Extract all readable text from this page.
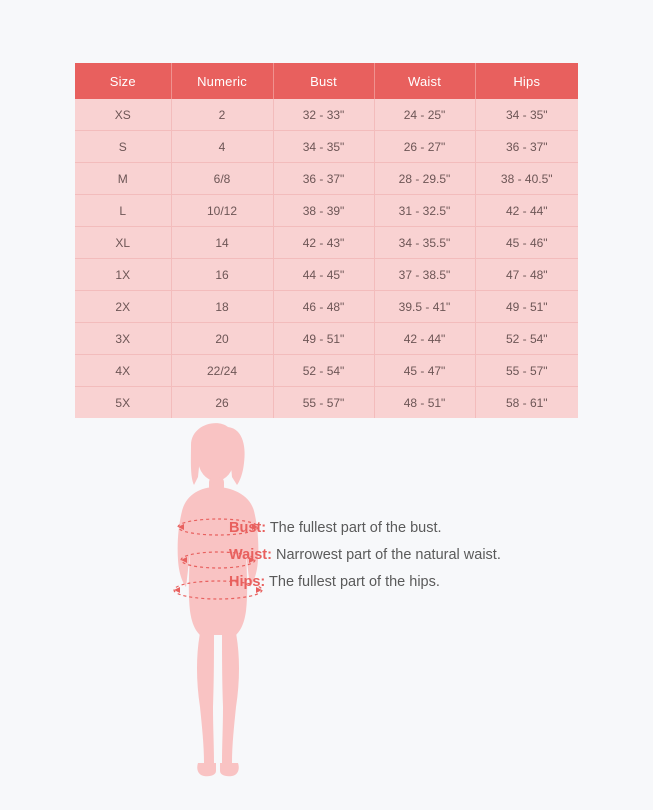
Size	Numeric	Bust	Waist	Hips
XS	2	32 - 33"	24 - 25"	34 - 35"
S	4	34 - 35"	26 - 27"	36 - 37"
M	6/8	36 - 37"	28 - 29.5"	38 - 40.5"
L	10/12	38 - 39"	31 - 32.5"	42 - 44"
XL	14	42 - 43"	34 - 35.5"	45 - 46"
1X	16	44 - 45"	37 - 38.5"	47 - 48"
2X	18	46 - 48"	39.5 - 41"	49 - 51"
3X	20	49 - 51"	42 - 44"	52 - 54"
4X	22/24	52 - 54"	45 - 47"	55 - 57"
5X	26	55 - 57"	48 - 51"	58 - 61"
Bust: The fullest part of the bust.
Waist: Narrowest part of the natural waist.
Hips: The fullest part of the hips.
